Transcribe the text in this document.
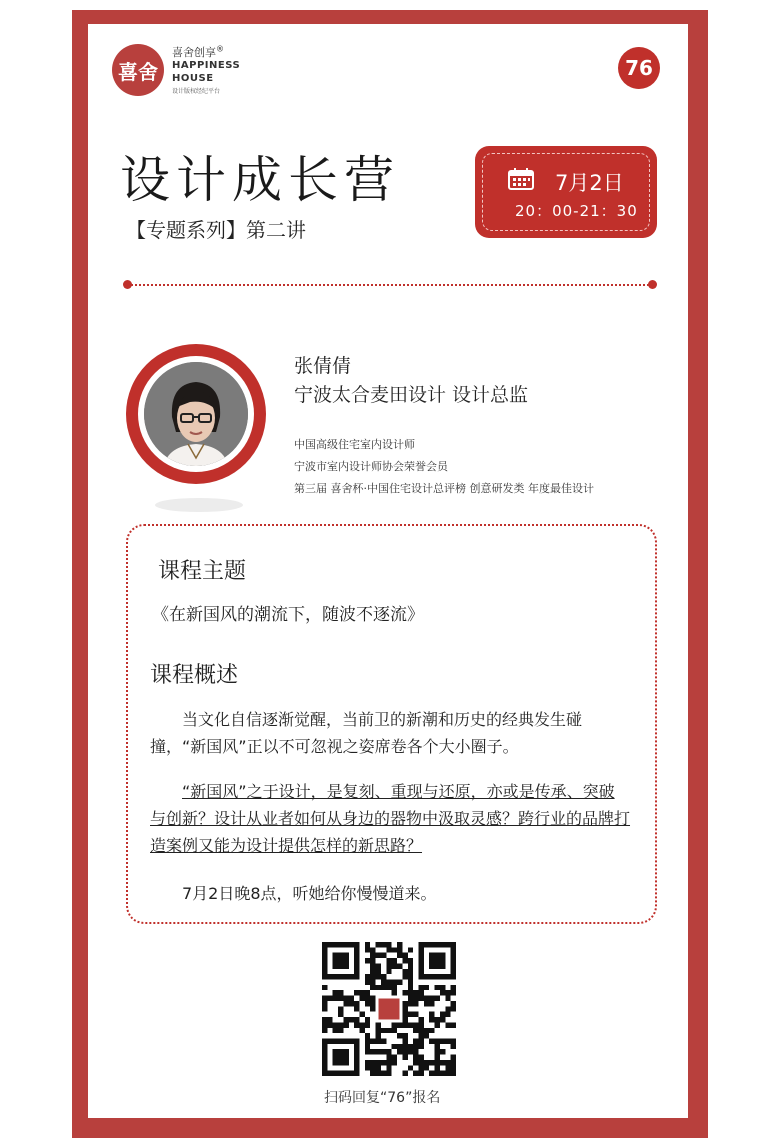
喜舍
喜舍创享®
HAPPINESS
HOUSE
设计版权经纪平台
76
设计成长营
【专题系列】第二讲
7月2日
20：00-21：30
张倩倩
宁波太合麦田设计 设计总监
中国高级住宅室内设计师
宁波市室内设计师协会荣誉会员
第三届 喜舍杯·中国住宅设计总评榜 创意研发类 年度最佳设计
课程主题
《在新国风的潮流下，随波不逐流》
课程概述
当文化自信逐渐觉醒，当前卫的新潮和历史的经典发生碰撞，“新国风”正以不可忽视之姿席卷各个大小圈子。
“新国风”之于设计，是复刻、重现与还原，亦或是传承、突破与创新？设计从业者如何从身边的器物中汲取灵感？跨行业的品牌打造案例又能为设计提供怎样的新思路？
7月2日晚8点，听她给你慢慢道来。
扫码回复“76”报名
